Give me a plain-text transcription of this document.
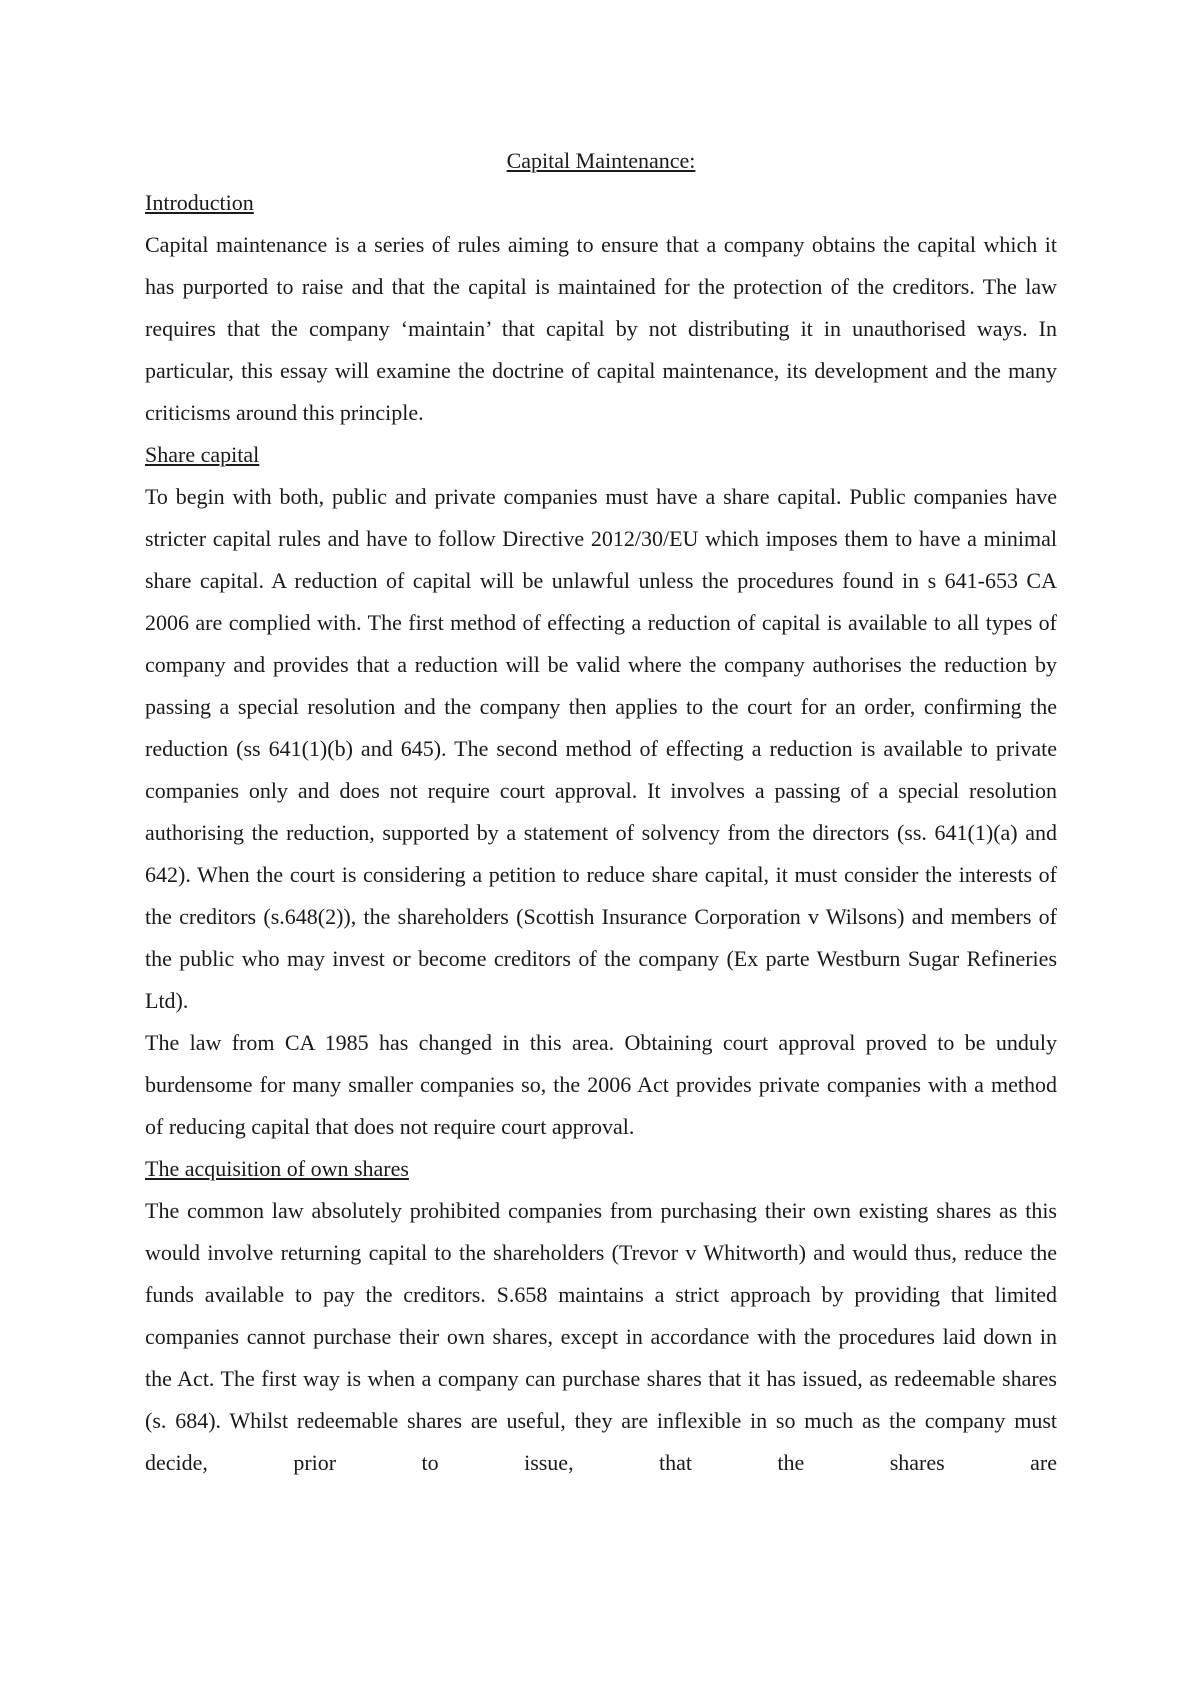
Capital Maintenance:

Introduction

Capital maintenance is a series of rules aiming to ensure that a company obtains the capital which it has purported to raise and that the capital is maintained for the protection of the creditors. The law requires that the company ‘maintain’ that capital by not distributing it in unauthorised ways. In particular, this essay will examine the doctrine of capital maintenance, its development and the many criticisms around this principle.

Share capital

To begin with both, public and private companies must have a share capital. Public companies have stricter capital rules and have to follow Directive 2012/30/EU which imposes them to have a minimal share capital. A reduction of capital will be unlawful unless the procedures found in s 641-653 CA 2006 are complied with. The first method of effecting a reduction of capital is available to all types of company and provides that a reduction will be valid where the company authorises the reduction by passing a special resolution and the company then applies to the court for an order, confirming the reduction (ss 641(1)(b) and 645). The second method of effecting a reduction is available to private companies only and does not require court approval. It involves a passing of a special resolution authorising the reduction, supported by a statement of solvency from the directors (ss. 641(1)(a) and 642). When the court is considering a petition to reduce share capital, it must consider the interests of the creditors (s.648(2)), the shareholders (Scottish Insurance Corporation v Wilsons) and members of the public who may invest or become creditors of the company (Ex parte Westburn Sugar Refineries Ltd).

The law from CA 1985 has changed in this area. Obtaining court approval proved to be unduly burdensome for many smaller companies so, the 2006 Act provides private companies with a method of reducing capital that does not require court approval.

The acquisition of own shares

The common law absolutely prohibited companies from purchasing their own existing shares as this would involve returning capital to the shareholders (Trevor v Whitworth) and would thus, reduce the funds available to pay the creditors. S.658 maintains a strict approach by providing that limited companies cannot purchase their own shares, except in accordance with the procedures laid down in the Act. The first way is when a company can purchase shares that it has issued, as redeemable shares (s. 684). Whilst redeemable shares are useful, they are inflexible in so much as the company must decide, prior to issue, that the shares are
